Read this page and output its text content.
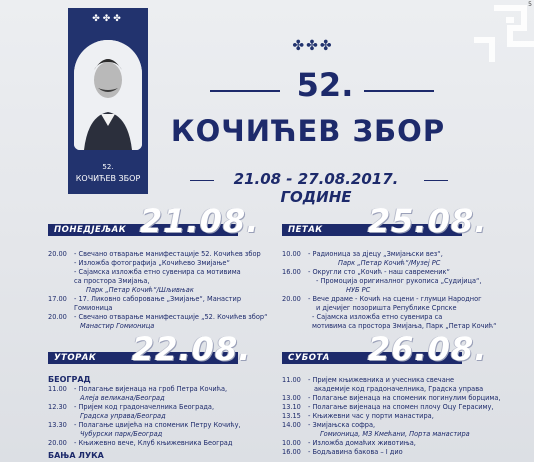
5
✤✤✤
52.
КОЧИЋЕВ ЗБОР
✤✤✤
52.
КОЧИЋЕВ ЗБОР
21.08 - 27.08.2017. ГОДИНЕ
ПОНЕДЈЕЉАК 21.08.
20.00	- Свечано отварање манифестације 52. Кочићев збор
- Изложба фотографија „Кочићево Змијање“
- Сајамска изложба етно сувенира са мотивима
са простора Змијања,
Парк „Петар Кочић“/Шљивњак
17.00	- 17. Ликовно саборовање „Змијање“, Манастир Гомионица
20.00	- Свечано отварање манифестације „52. Кочићев збор“
Манастир Гомионица
УТОРАК 22.08.
БЕОГРАД
11.00	- Полагање вијенаца на гроб Петра Кочића,
Алеја великана/Београд
12.30	- Пријем код градоначелника Београда,
Градска управа/Београд
13.30	- Полагање цвијећа на споменик Петру Кочићу,
Чубурски парк/Београд
20.00	- Књижевно вече, Клуб књижевника Београд
БАЊА ЛУКА
ПЕТАК 25.08.
10.00	- Радионица за дјецу „Змијањски вез“,
Парк „Петар Кочић“/Музеј РС
16.00	- Округли сто „Кочић - наш савременик“
- Промоција оригиналног рукописа „Судијица“,
НУБ РС
20.00	- Вече драме - Кочић на сцени - глумци Народног
и дјечијег позоришта Републике Српске
- Сајамска изложба етно сувенира са
мотивима са простора Змијања, Парк „Петар Кочић“
СУБОТА 26.08.
11.00	- Пријем књижевника и учесника свечане
академије код градоначелника, Градска управа
13.00	- Полагање вијенаца на споменик погинулим борцима,
13.10	- Полагање вијенаца на спомен плочу Оцу Герасиму,
13.15	- Књижевни час у порти манастира,
14.00	- Змијањска софра,
Гомионица, МЗ Кмећани, Порта манастира
10.00	- Изложба домаћих животиња,
16.00	- Бодљавина бакова – I дио
